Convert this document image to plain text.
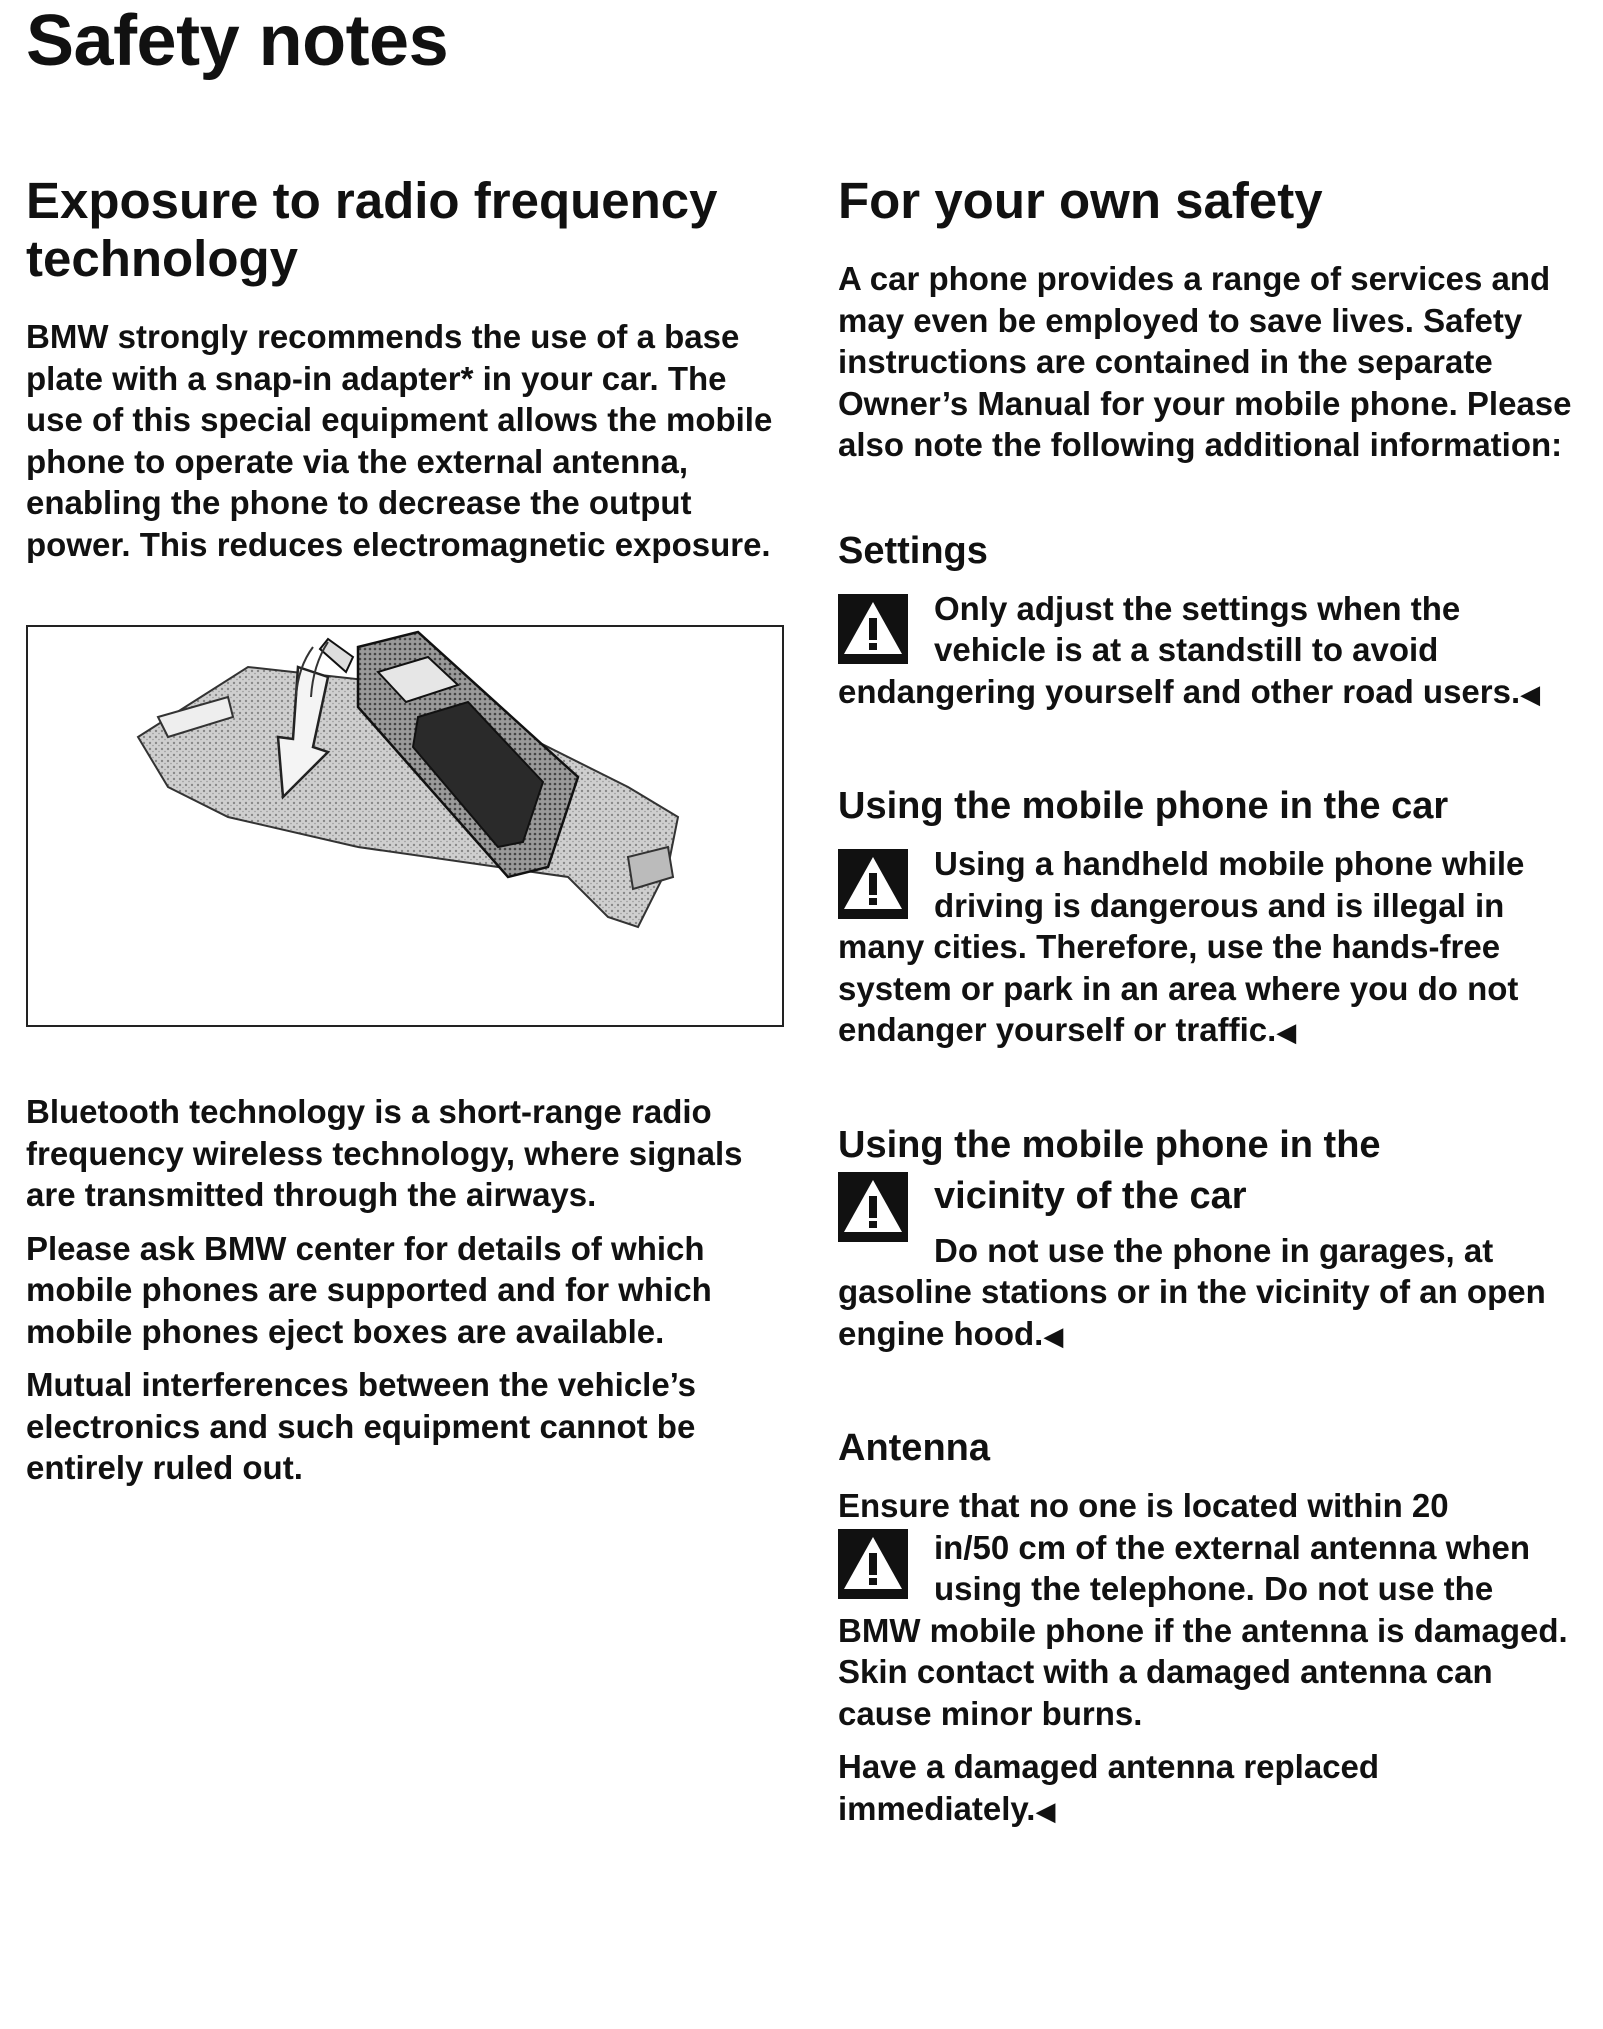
Safety notes
Exposure to radio frequency technology

BMW strongly recommends the use of a base plate with a snap-in adapter* in your car. The use of this special equipment allows the mobile phone to operate via the external antenna, enabling the phone to decrease the output power. This reduces electromagnetic exposure.

Bluetooth technology is a short-range radio frequency wireless technology, where signals are transmitted through the airways.

Please ask BMW center for details of which mobile phones are supported and for which mobile phones eject boxes are available.

Mutual interferences between the vehicle’s electronics and such equipment cannot be entirely ruled out.

For your own safety

A car phone provides a range of services and may even be employed to save lives. Safety instructions are contained in the separate Owner’s Manual for your mobile phone. Please also note the following additional information:

Settings

Only adjust the settings when the vehicle is at a standstill to avoid endangering yourself and other road users.◀

Using the mobile phone in the car

Using a handheld mobile phone while driving is dangerous and is illegal in many cities. Therefore, use the hands-free system or park in an area where you do not endanger yourself or traffic.◀

Using the mobile phone in the

vicinity of the car
Do not use the phone in garages, at gasoline stations or in the vicinity of an open engine hood.◀

Antenna

Ensure that no one is located within 20

in/50 cm of the external antenna when using the telephone. Do not use the BMW mobile phone if the antenna is damaged. Skin contact with a damaged antenna can cause minor burns.

Have a damaged antenna replaced immediately.◀
